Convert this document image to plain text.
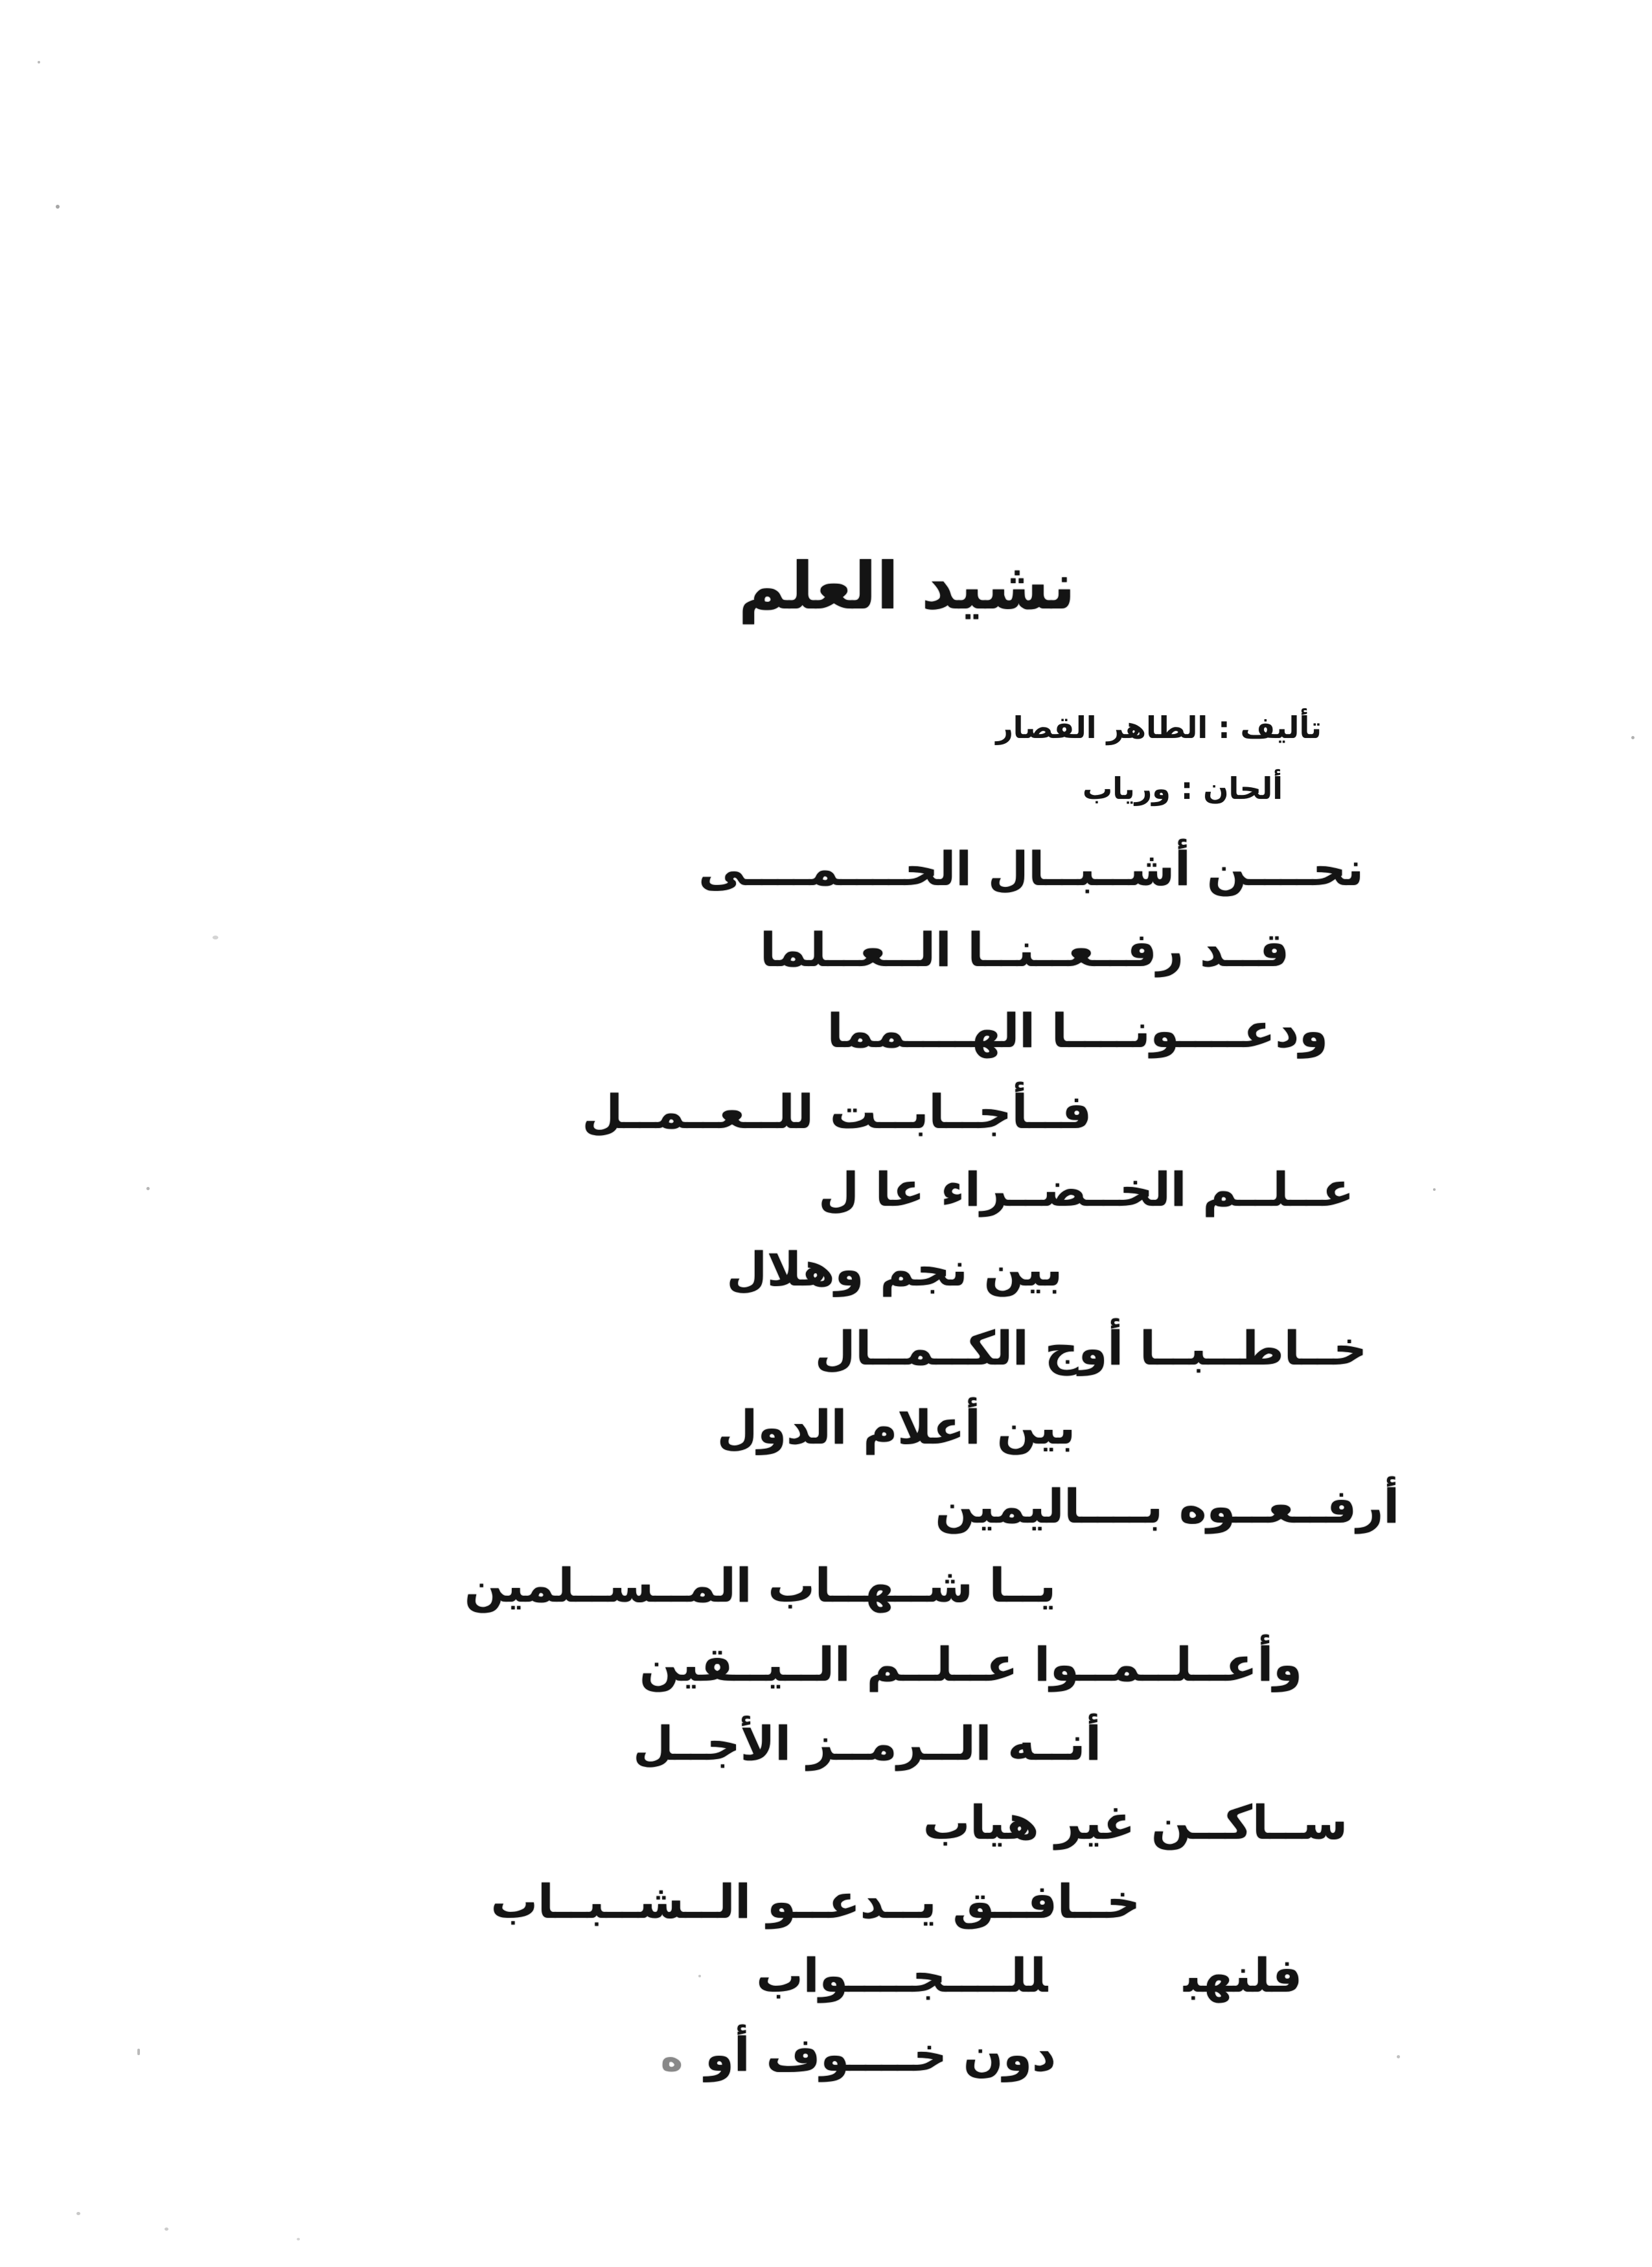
نشيد العلم
تأليف : الطاهر القصار
ألحان : ورياب
نحــــن أشــبــال الحــــمــــى
قــد رفــعــنــا الــعــلما
ودعــــونــــا الهــــمما
فــأجــابــت للــعــمــل
عــلــم الخــضــراء عا ل
بين نجم وهلال
خــاطــبــا أوج الكــمــال
بين أعلام الدول
أرفــعــوه بــــاليمين
يــا شــهــاب المــســلمين
وأعــلــمــوا عــلــم الــيــقين
أنــه الــرمــز الأجــل
ســاكــن غير هياب
خــافــق يــدعــو الــشــبــاب
فلنهبللــــجــــواب
دون خــــوف أوه
